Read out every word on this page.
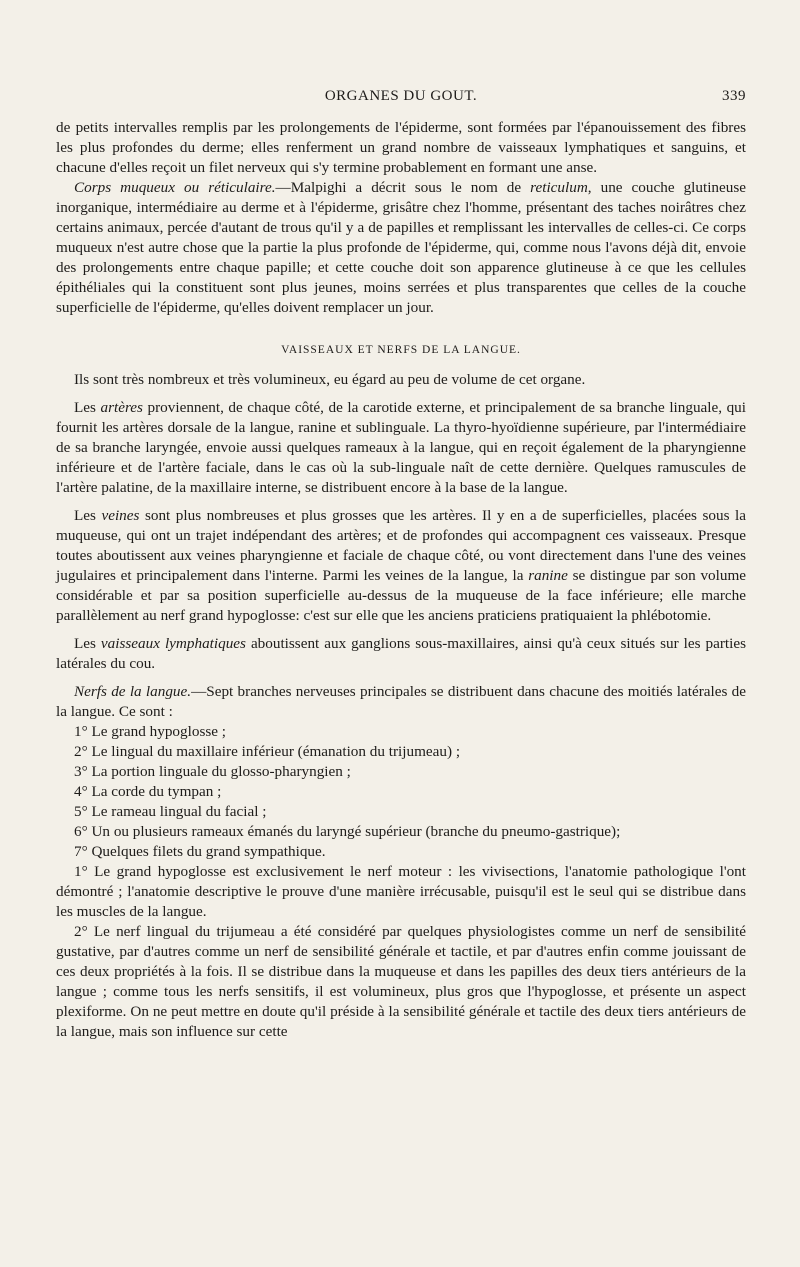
ORGANES DU GOUT.	339

de petits intervalles remplis par les prolongements de l'épiderme, sont formées par l'épanouissement des fibres les plus profondes du derme; elles renferment un grand nombre de vaisseaux lymphatiques et sanguins, et chacune d'elles reçoit un filet nerveux qui s'y termine probablement en formant une anse.

Corps muqueux ou réticulaire.—Malpighi a décrit sous le nom de reticulum, une couche glutineuse inorganique, intermédiaire au derme et à l'épiderme, grisâtre chez l'homme, présentant des taches noirâtres chez certains animaux, percée d'autant de trous qu'il y a de papilles et remplissant les intervalles de celles-ci. Ce corps muqueux n'est autre chose que la partie la plus profonde de l'épiderme, qui, comme nous l'avons déjà dit, envoie des prolongements entre chaque papille; et cette couche doit son apparence glutineuse à ce que les cellules épithéliales qui la constituent sont plus jeunes, moins serrées et plus transparentes que celles de la couche superficielle de l'épiderme, qu'elles doivent remplacer un jour.

VAISSEAUX ET NERFS DE LA LANGUE.

Ils sont très nombreux et très volumineux, eu égard au peu de volume de cet organe.

Les artères proviennent, de chaque côté, de la carotide externe, et principalement de sa branche linguale, qui fournit les artères dorsale de la langue, ranine et sublinguale. La thyro-hyoïdienne supérieure, par l'intermédiaire de sa branche laryngée, envoie aussi quelques rameaux à la langue, qui en reçoit également de la pharyngienne inférieure et de l'artère faciale, dans le cas où la sub-linguale naît de cette dernière. Quelques ramuscules de l'artère palatine, de la maxillaire interne, se distribuent encore à la base de la langue.

Les veines sont plus nombreuses et plus grosses que les artères. Il y en a de superficielles, placées sous la muqueuse, qui ont un trajet indépendant des artères; et de profondes qui accompagnent ces vaisseaux. Presque toutes aboutissent aux veines pharyngienne et faciale de chaque côté, ou vont directement dans l'une des veines jugulaires et principalement dans l'interne. Parmi les veines de la langue, la ranine se distingue par son volume considérable et par sa position superficielle au-dessus de la muqueuse de la face inférieure; elle marche parallèlement au nerf grand hypoglosse: c'est sur elle que les anciens praticiens pratiquaient la phlébotomie.

Les vaisseaux lymphatiques aboutissent aux ganglions sous-maxillaires, ainsi qu'à ceux situés sur les parties latérales du cou.

Nerfs de la langue.—Sept branches nerveuses principales se distribuent dans chacune des moitiés latérales de la langue. Ce sont :

1° Le grand hypoglosse ;

2° Le lingual du maxillaire inférieur (émanation du trijumeau) ;

3° La portion linguale du glosso-pharyngien ;

4° La corde du tympan ;

5° Le rameau lingual du facial ;

6° Un ou plusieurs rameaux émanés du laryngé supérieur (branche du pneumo-gastrique);

7° Quelques filets du grand sympathique.

1° Le grand hypoglosse est exclusivement le nerf moteur : les vivisections, l'anatomie pathologique l'ont démontré ; l'anatomie descriptive le prouve d'une manière irrécusable, puisqu'il est le seul qui se distribue dans les muscles de la langue.

2° Le nerf lingual du trijumeau a été considéré par quelques physiologistes comme un nerf de sensibilité gustative, par d'autres comme un nerf de sensibilité générale et tactile, et par d'autres enfin comme jouissant de ces deux propriétés à la fois. Il se distribue dans la muqueuse et dans les papilles des deux tiers antérieurs de la langue ; comme tous les nerfs sensitifs, il est volumineux, plus gros que l'hypoglosse, et présente un aspect plexiforme. On ne peut mettre en doute qu'il préside à la sensibilité générale et tactile des deux tiers antérieurs de la langue, mais son influence sur cette
